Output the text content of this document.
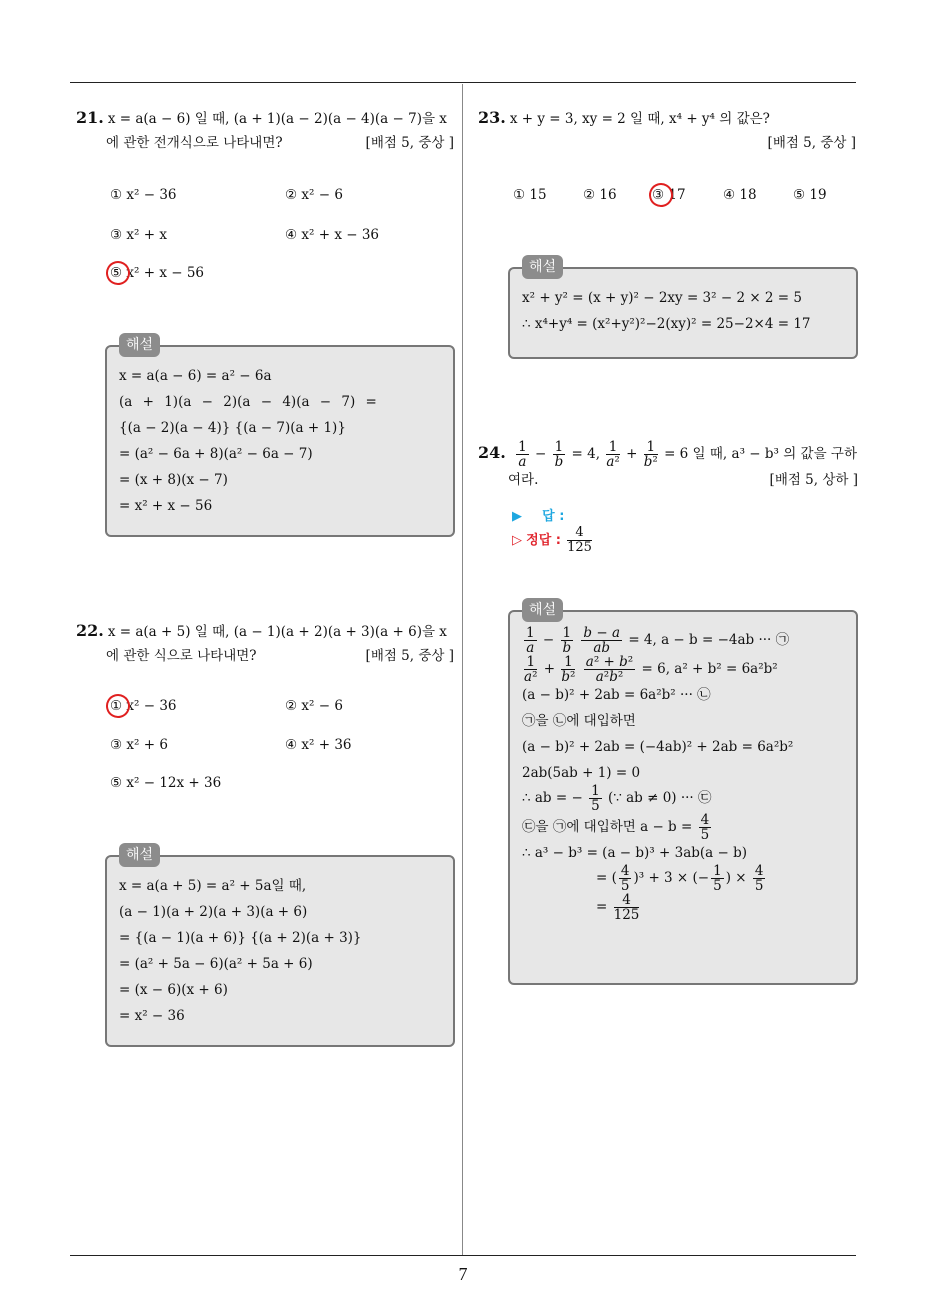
7
21. x = a(a − 6) 일 때, (a + 1)(a − 2)(a − 4)(a − 7)을 x
에 관한 전개식으로 나타내면?	[배점 5, 중상 ]
① x² − 36	② x² − 6
③ x² + x	④ x² + x − 36
⑤ x² + x − 56
해설
x = a(a − 6) = a² − 6a
(a + 1)(a − 2)(a − 4)(a − 7) =
{(a − 2)(a − 4)} {(a − 7)(a + 1)}
= (a² − 6a + 8)(a² − 6a − 7)
= (x + 8)(x − 7)
= x² + x − 56
22. x = a(a + 5) 일 때, (a − 1)(a + 2)(a + 3)(a + 6)을 x
에 관한 식으로 나타내면?	[배점 5, 중상 ]
① x² − 36	② x² − 6
③ x² + 6	④ x² + 36
⑤ x² − 12x + 36
해설
x = a(a + 5) = a² + 5a일 때,
(a − 1)(a + 2)(a + 3)(a + 6)
= {(a − 1)(a + 6)} {(a + 2)(a + 3)}
= (a² + 5a − 6)(a² + 5a + 6)
= (x − 6)(x + 6)
= x² − 36
23. x + y = 3, xy = 2 일 때, x⁴ + y⁴ 의 값은?

[배점 5, 중상 ]
① 15	② 16	③ 17	④ 18	⑤ 19
해설
x² + y² = (x + y)² − 2xy = 3² − 2 × 2 = 5
∴ x⁴+y⁴ = (x²+y²)²−2(xy)² = 25−2×4 = 17
24. $\frac{1}{a} - \frac{1}{b} = 4$, $\frac{1}{\text{a²}} + \frac{1}{\text{b²}} = 6$ 일 때, a³ − b³ 의 값을 구하
여라.	[배점 5, 상하 ]
▶ 답 :
▷ 정답 : $\frac{4}{125}$
해설
$\frac{1}{a} - \frac{1}{b}$
$\frac{b - a}{ab} = 4$, a − b = −4ab ··· ㉠
$\frac{1}{\text{a²}} + \frac{1}{\text{b²}}$
$\frac{\text{a² + b²}}{\text{a²b²}} = 6$, a² + b² = 6a²b²
(a − b)² + 2ab = 6a²b² ··· ㉡
㉠을 ㉡에 대입하면
(a − b)² + 2ab = (−4ab)² + 2ab = 6a²b²
2ab(5ab + 1) = 0
∴ ab = − $\frac{1}{5}$ (∵ ab ≠ 0) ··· ㉢
㉢을 ㉠에 대입하면 $a - b = \frac{4}{5}$
∴ a³ − b³ = (a − b)³ + 3ab(a − b)
= ( $\frac{4}{5} )^3 + 3$ × (− $\frac{1}{5}$ ) × $\frac{4}{5}$
= $\frac{4}{125}$
